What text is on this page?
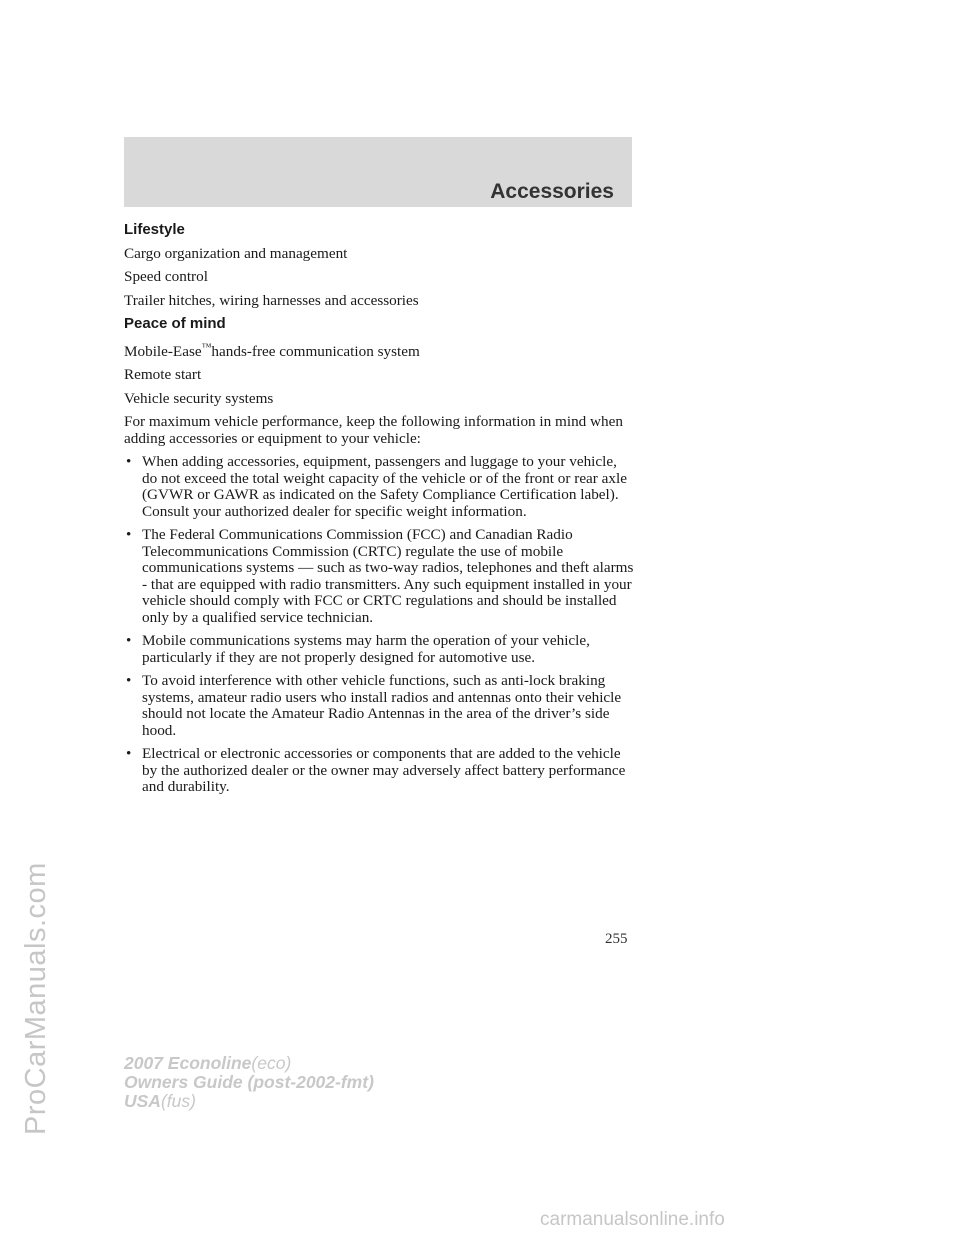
Accessories
Lifestyle

Cargo organization and management

Speed control

Trailer hitches, wiring harnesses and accessories

Peace of mind

Mobile-Ease™hands-free communication system

Remote start

Vehicle security systems

For maximum vehicle performance, keep the following information in mind when adding accessories or equipment to your vehicle:

• When adding accessories, equipment, passengers and luggage to your vehicle, do not exceed the total weight capacity of the vehicle or of the front or rear axle (GVWR or GAWR as indicated on the Safety Compliance Certification label). Consult your authorized dealer for specific weight information.
• The Federal Communications Commission (FCC) and Canadian Radio Telecommunications Commission (CRTC) regulate the use of mobile communications systems — such as two-way radios, telephones and theft alarms - that are equipped with radio transmitters. Any such equipment installed in your vehicle should comply with FCC or CRTC regulations and should be installed only by a qualified service technician.
• Mobile communications systems may harm the operation of your vehicle, particularly if they are not properly designed for automotive use.
• To avoid interference with other vehicle functions, such as anti-lock braking systems, amateur radio users who install radios and antennas onto their vehicle should not locate the Amateur Radio Antennas in the area of the driver’s side hood.
• Electrical or electronic accessories or components that are added to the vehicle by the authorized dealer or the owner may adversely affect battery performance and durability.
255
2007 Econoline(eco)
Owners Guide (post-2002-fmt)
USA(fus)
ProCarManuals.com
carmanualsonline.info
